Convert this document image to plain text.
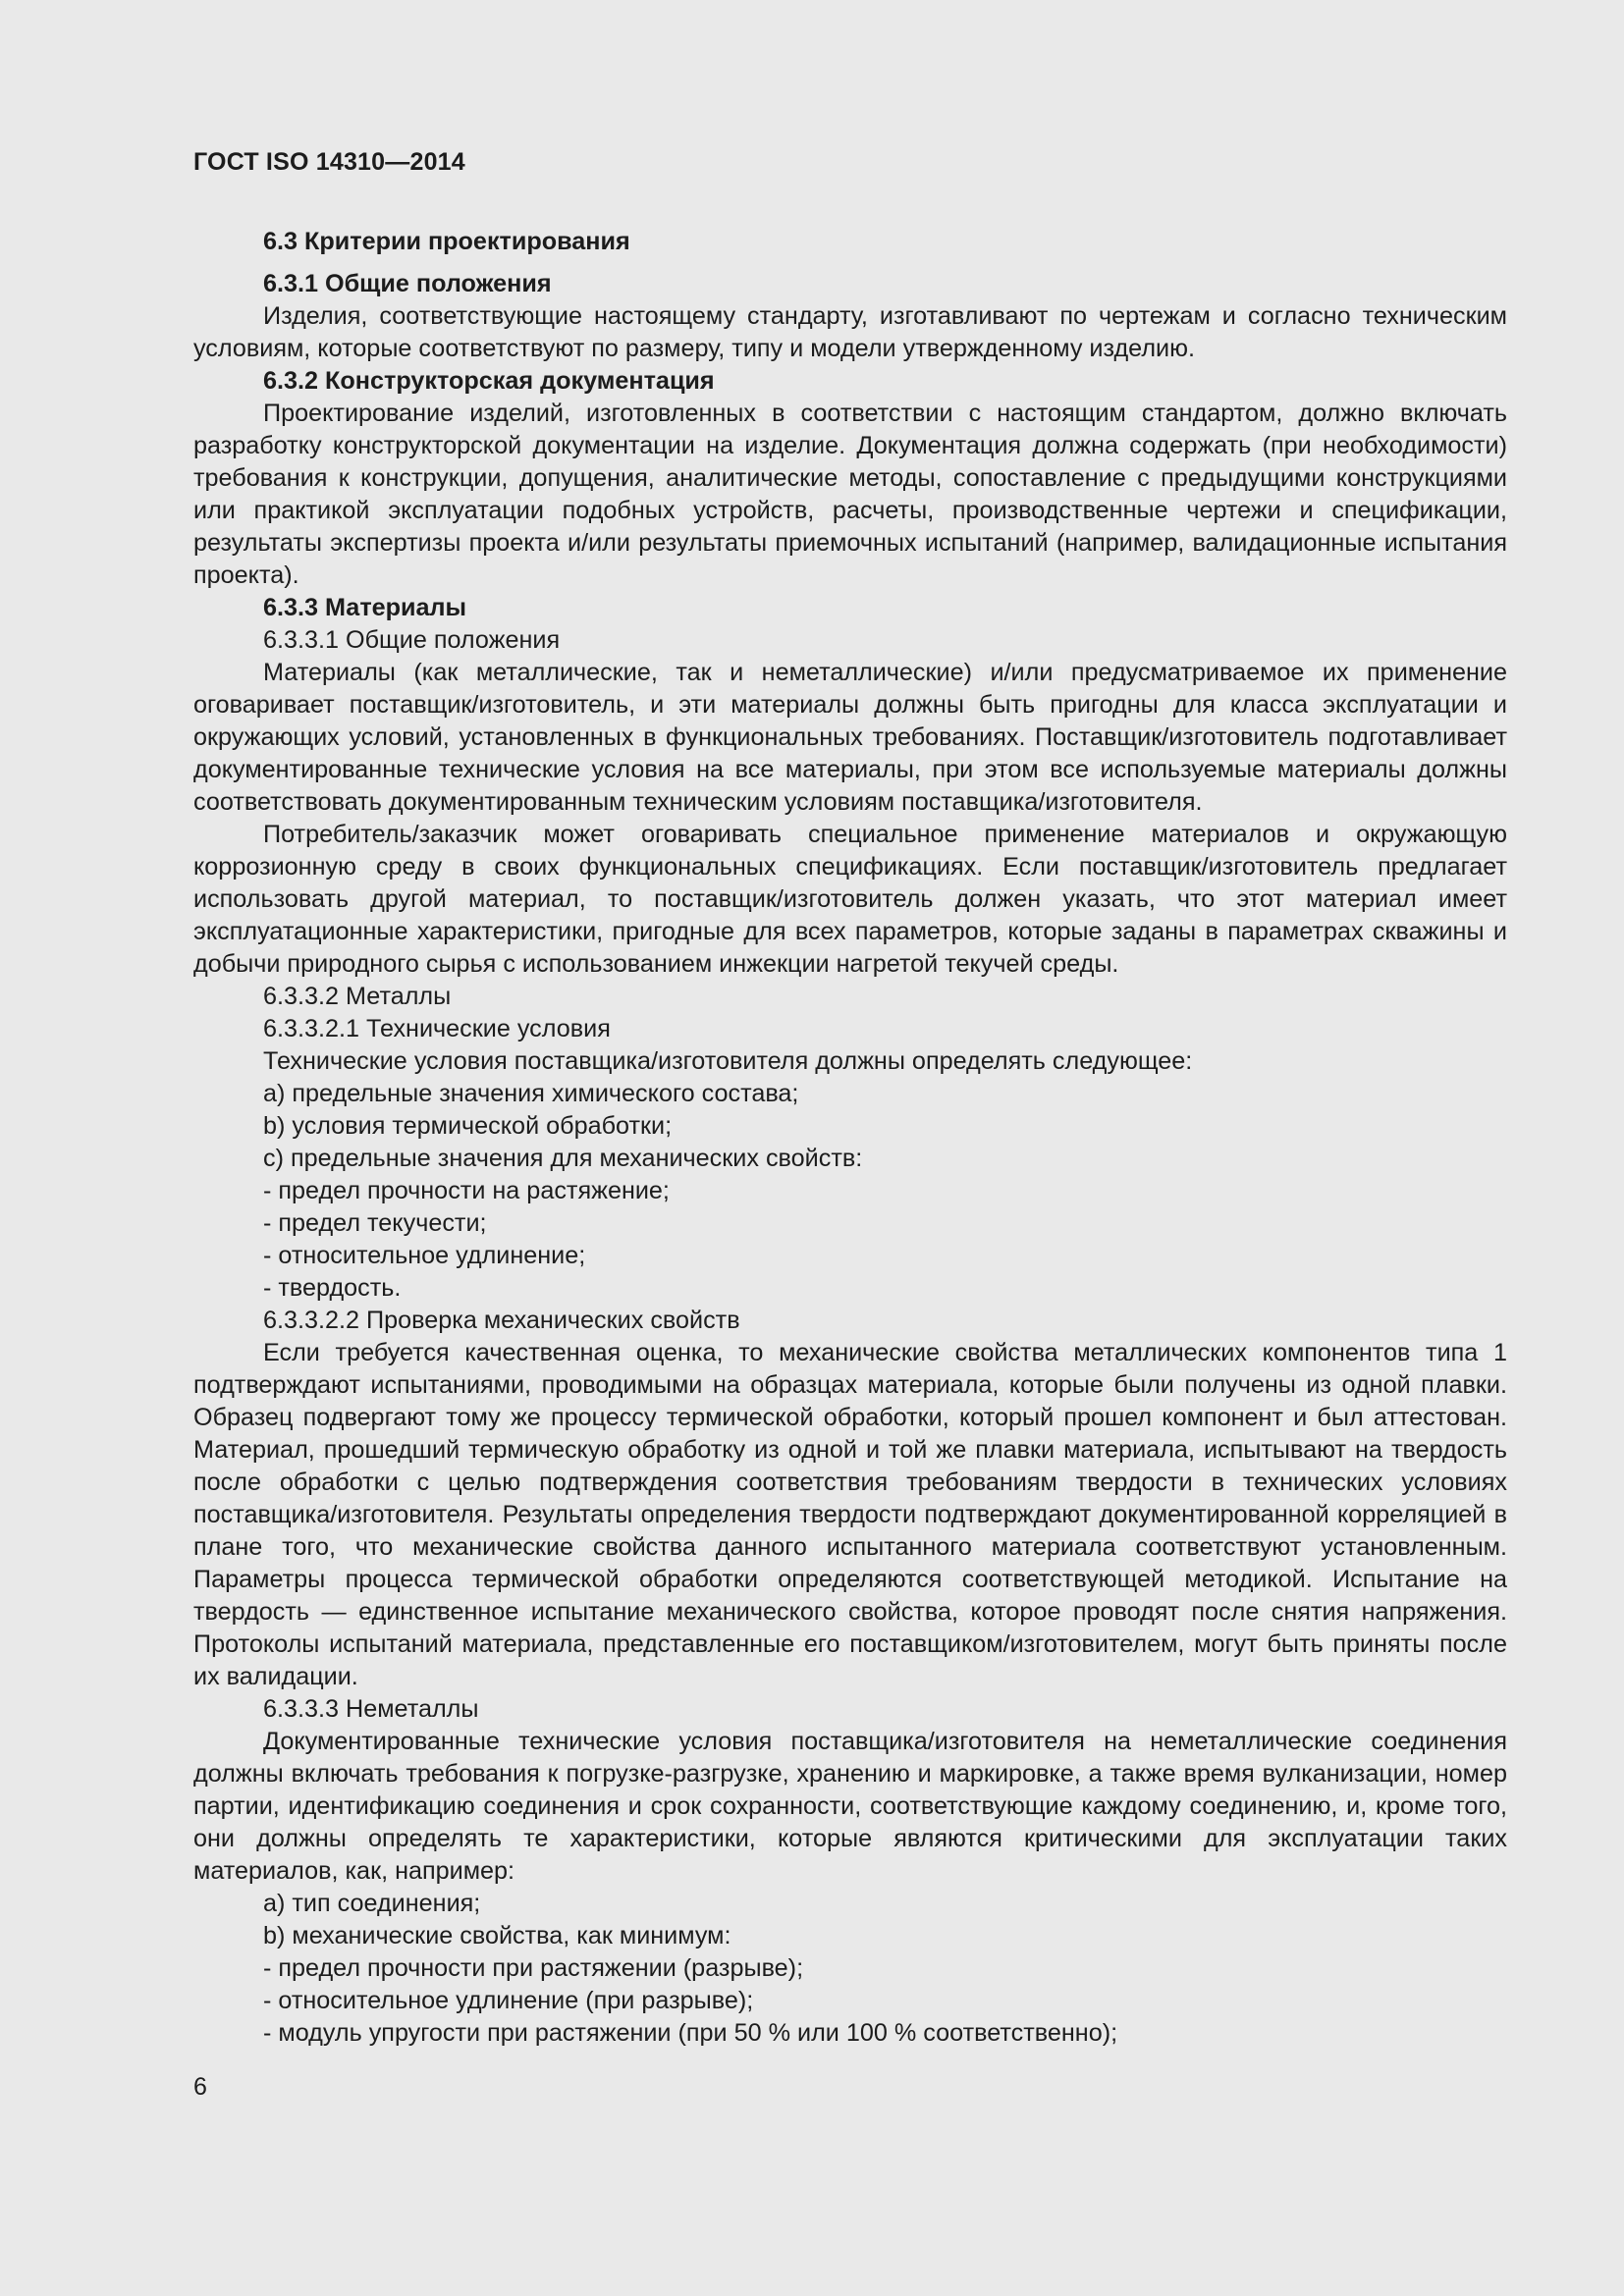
ГОСТ ISO 14310—2014

6.3 Критерии проектирования

6.3.1 Общие положения

Изделия, соответствующие настоящему стандарту, изготавливают по чертежам и согласно техническим условиям, которые соответствуют по размеру, типу и модели утвержденному изделию.

6.3.2 Конструкторская документация

Проектирование изделий, изготовленных в соответствии с настоящим стандартом, должно включать разработку конструкторской документации на изделие. Документация должна содержать (при необходимости) требования к конструкции, допущения, аналитические методы, сопоставление с предыдущими конструкциями или практикой эксплуатации подобных устройств, расчеты, производственные чертежи и спецификации, результаты экспертизы проекта и/или результаты приемочных испытаний (например, валидационные испытания проекта).

6.3.3 Материалы

6.3.3.1 Общие положения

Материалы (как металлические, так и неметаллические) и/или предусматриваемое их применение оговаривает поставщик/изготовитель, и эти материалы должны быть пригодны для класса эксплуатации и окружающих условий, установленных в функциональных требованиях. Поставщик/изготовитель подготавливает документированные технические условия на все материалы, при этом все используемые материалы должны соответствовать документированным техническим условиям поставщика/изготовителя.

Потребитель/заказчик может оговаривать специальное применение материалов и окружающую коррозионную среду в своих функциональных спецификациях. Если поставщик/изготовитель предлагает использовать другой материал, то поставщик/изготовитель должен указать, что этот материал имеет эксплуатационные характеристики, пригодные для всех параметров, которые заданы в параметрах скважины и добычи природного сырья с использованием инжекции нагретой текучей среды.

6.3.3.2 Металлы

6.3.3.2.1 Технические условия

Технические условия поставщика/изготовителя должны определять следующее:

a) предельные значения химического состава;

b) условия термической обработки;

c) предельные значения для механических свойств:

- предел прочности на растяжение;

- предел текучести;

- относительное удлинение;

- твердость.

6.3.3.2.2 Проверка механических свойств

Если требуется качественная оценка, то механические свойства металлических компонентов типа 1 подтверждают испытаниями, проводимыми на образцах материала, которые были получены из одной плавки. Образец подвергают тому же процессу термической обработки, который прошел компонент и был аттестован. Материал, прошедший термическую обработку из одной и той же плавки материала, испытывают на твердость после обработки с целью подтверждения соответствия требованиям твердости в технических условиях поставщика/изготовителя. Результаты определения твердости подтверждают документированной корреляцией в плане того, что механические свойства данного испытанного материала соответствуют установленным. Параметры процесса термической обработки определяются соответствующей методикой. Испытание на твердость — единственное испытание механического свойства, которое проводят после снятия напряжения. Протоколы испытаний материала, представленные его поставщиком/изготовителем, могут быть приняты после их валидации.

6.3.3.3 Неметаллы

Документированные технические условия поставщика/изготовителя на неметаллические соединения должны включать требования к погрузке-разгрузке, хранению и маркировке, а также время вулканизации, номер партии, идентификацию соединения и срок сохранности, соответствующие каждому соединению, и, кроме того, они должны определять те характеристики, которые являются критическими для эксплуатации таких материалов, как, например:

a) тип соединения;

b) механические свойства, как минимум:

- предел прочности при растяжении (разрыве);

- относительное удлинение (при разрыве);

- модуль упругости при растяжении (при 50 % или 100 % соответственно);

6
